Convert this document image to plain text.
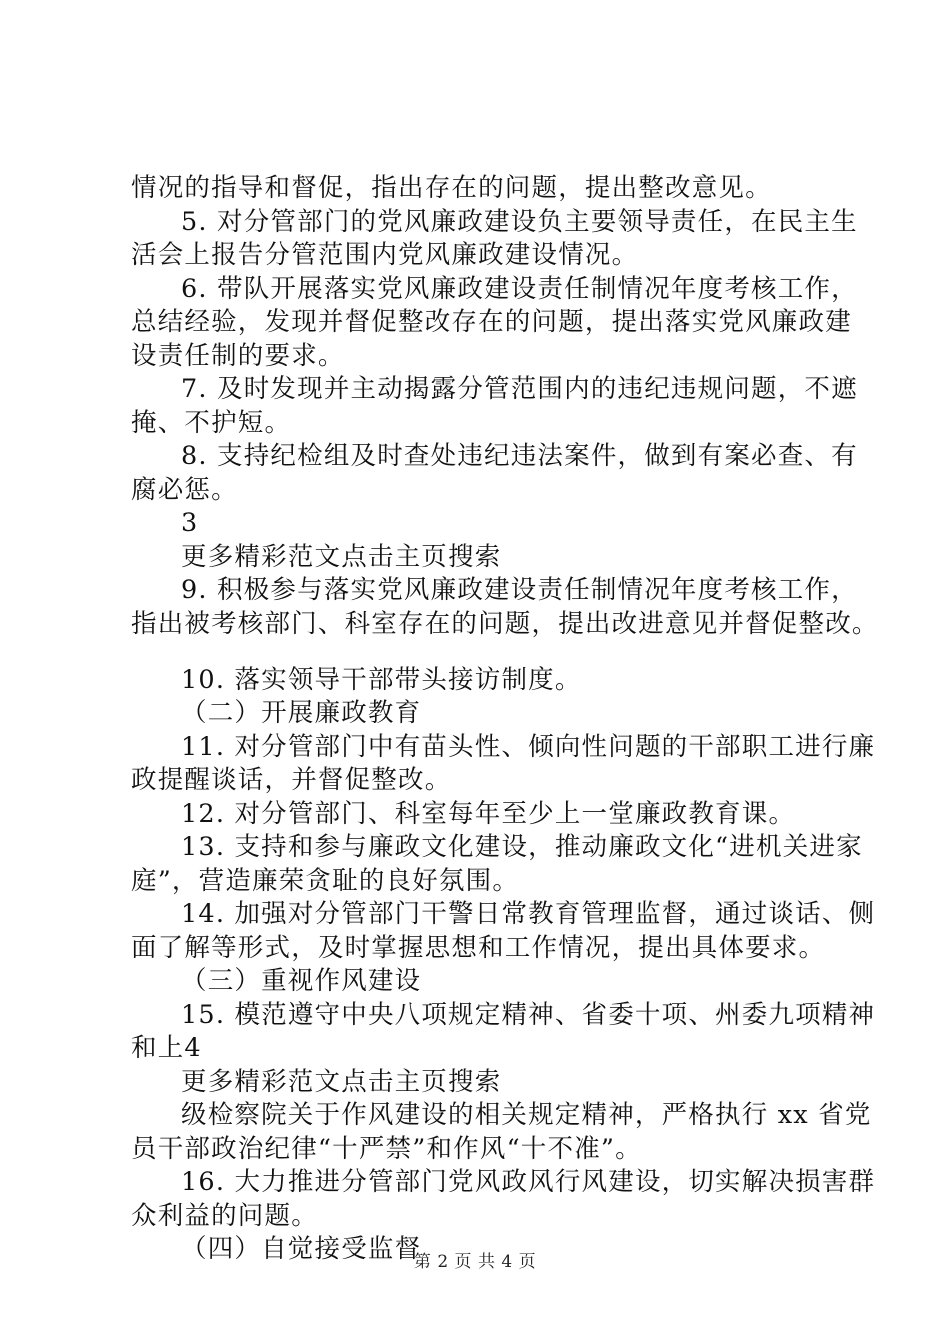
情况的指导和督促，指出存在的问题，提出整改意见。
5. 对分管部门的党风廉政建设负主要领导责任，在民主生
活会上报告分管范围内党风廉政建设情况。
6. 带队开展落实党风廉政建设责任制情况年度考核工作，
总结经验，发现并督促整改存在的问题，提出落实党风廉政建
设责任制的要求。
7. 及时发现并主动揭露分管范围内的违纪违规问题，不遮
掩、不护短。
8. 支持纪检组及时查处违纪违法案件，做到有案必查、有
腐必惩。
3
更多精彩范文点击主页搜索
9. 积极参与落实党风廉政建设责任制情况年度考核工作，
指出被考核部门、科室存在的问题，提出改进意见并督促整改。
10. 落实领导干部带头接访制度。
（二）开展廉政教育
11. 对分管部门中有苗头性、倾向性问题的干部职工进行廉
政提醒谈话，并督促整改。
12. 对分管部门、科室每年至少上一堂廉政教育课。
13. 支持和参与廉政文化建设，推动廉政文化“进机关进家
庭”，营造廉荣贪耻的良好氛围。
14. 加强对分管部门干警日常教育管理监督，通过谈话、侧
面了解等形式，及时掌握思想和工作情况，提出具体要求。
（三）重视作风建设
15. 模范遵守中央八项规定精神、省委十项、州委九项精神
和上4
更多精彩范文点击主页搜索
级检察院关于作风建设的相关规定精神，严格执行 xx 省党
员干部政治纪律“十严禁”和作风“十不准”。
16. 大力推进分管部门党风政风行风建设，切实解决损害群
众利益的问题。
（四）自觉接受监督
第 2 页 共 4 页
